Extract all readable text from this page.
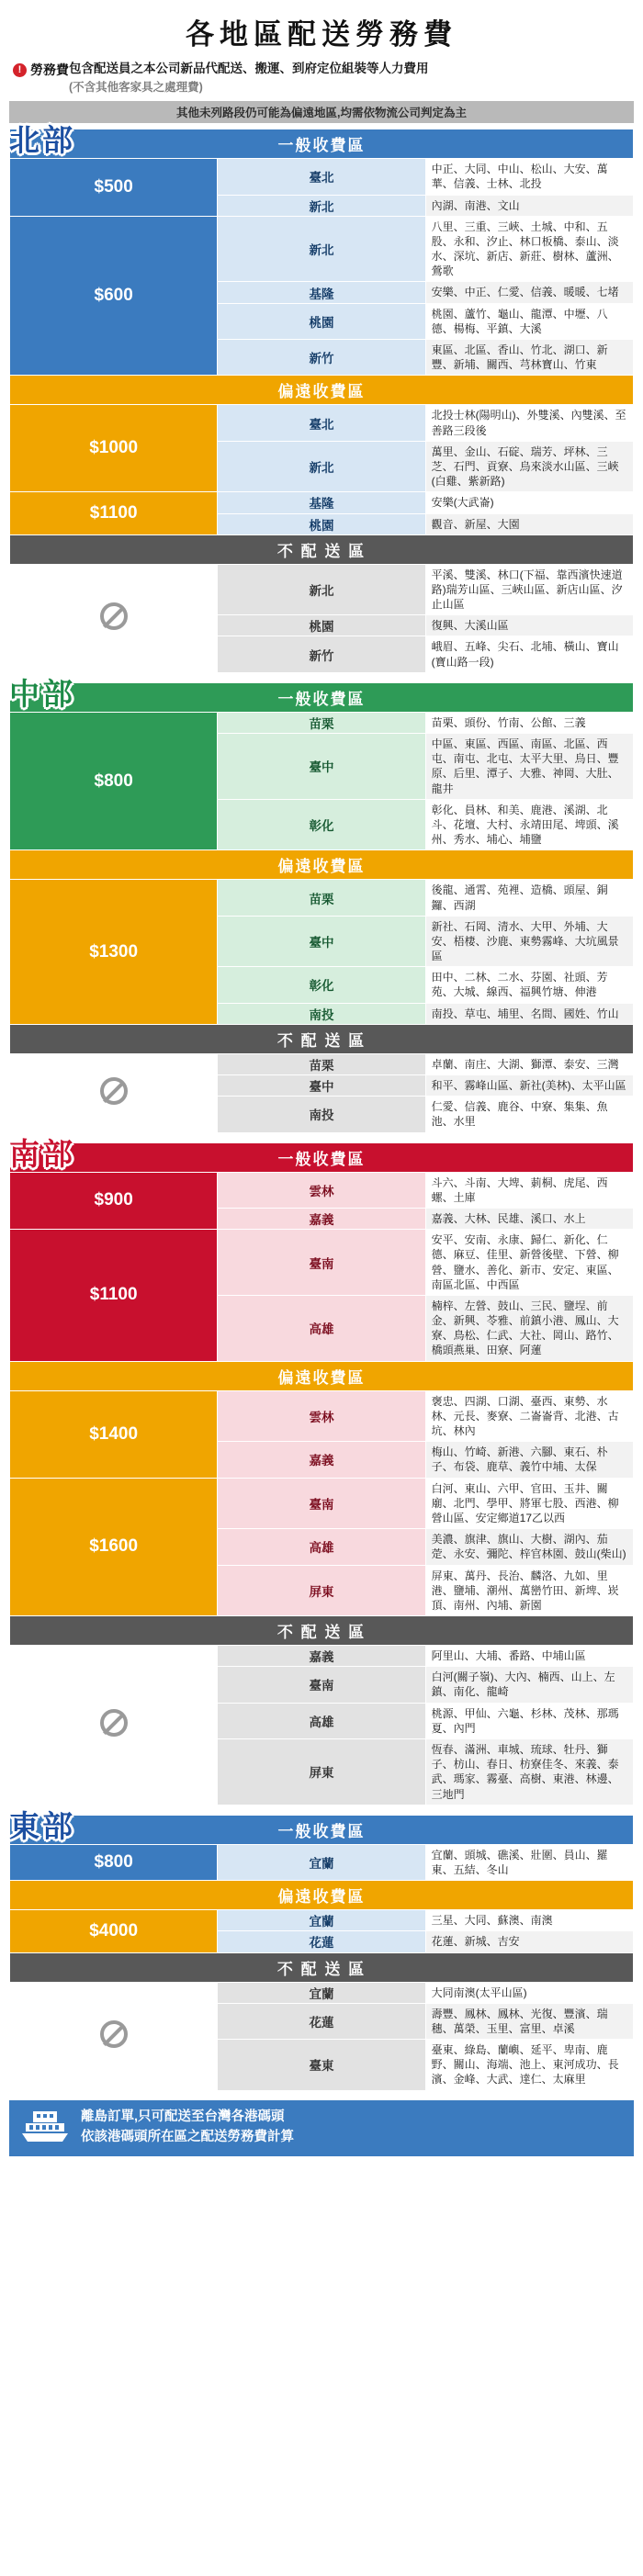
各地區配送勞務費
! 勞務費 包含配送員之本公司新品代配送、搬運、到府定位組裝等人力費用
(不含其他客家具之處理費)
其他未列路段仍可能為偏遠地區,均需依物流公司判定為主
北部	一般收費區		
$500	臺北	中正、大同、中山、松山、大安、萬華、信義、士林、北投
	新北	內湖、南港、文山
$600	新北	八里、三重、三峽、土城、中和、五股、永和、汐止、林口板橋、泰山、淡水、深坑、新店、新莊、樹林、蘆洲、鶯歌
	基隆	安樂、中正、仁愛、信義、暖暖、七堵
	桃園	桃園、蘆竹、龜山、龍潭、中壢、八德、楊梅、平鎮、大溪
	新竹	東區、北區、香山、竹北、湖口、新豐、新埔、關西、芎林寶山、竹東
偏遠收費區		
$1000	臺北	北投士林(陽明山)、外雙溪、內雙溪、至善路三段後
	新北	萬里、金山、石碇、瑞芳、坪林、三芝、石門、貢寮、烏來淡水山區、三峽(白雞、紫新路)
$1100	基隆	安樂(大武崙)
	桃園	觀音、新屋、大園
不 配 送 區		
	新北	平溪、雙溪、林口(下福、靠西濱快速道路)瑞芳山區、三峽山區、新店山區、汐止山區
	桃園	復興、大溪山區
	新竹	峨眉、五峰、尖石、北埔、橫山、寶山(寶山路一段)
中部	一般收費區		
$800	苗栗	苗栗、頭份、竹南、公館、三義
	臺中	中區、東區、西區、南區、北區、西屯、南屯、北屯、太平大里、烏日、豐原、后里、潭子、大雅、神岡、大肚、龍井
	彰化	彰化、員林、和美、鹿港、溪湖、北斗、花壇、大村、永靖田尾、埤頭、溪州、秀水、埔心、埔鹽
偏遠收費區		
$1300	苗栗	後龍、通霄、苑裡、造橋、頭屋、銅鑼、西湖
	臺中	新社、石岡、清水、大甲、外埔、大安、梧棲、沙鹿、東勢霧峰、大坑風景區
	彰化	田中、二林、二水、芬園、社頭、芳苑、大城、線西、福興竹塘、伸港
	南投	南投、草屯、埔里、名間、國姓、竹山
不 配 送 區		
	苗栗	卓蘭、南庄、大湖、獅潭、泰安、三灣
	臺中	和平、霧峰山區、新社(美林)、太平山區
	南投	仁愛、信義、鹿谷、中寮、集集、魚池、水里
南部	一般收費區		
$900	雲林	斗六、斗南、大埤、莿桐、虎尾、西螺、土庫
	嘉義	嘉義、大林、民雄、溪口、水上
$1100	臺南	安平、安南、永康、歸仁、新化、仁德、麻豆、佳里、新營後壁、下營、柳營、鹽水、善化、新市、安定、東區、南區北區、中西區
	高雄	楠梓、左營、鼓山、三民、鹽埕、前金、新興、苓雅、前鎮小港、鳳山、大寮、鳥松、仁武、大社、岡山、路竹、橋頭燕巢、田寮、阿蓮
偏遠收費區		
$1400	雲林	褒忠、四湖、口湖、臺西、東勢、水林、元長、麥寮、二崙崙背、北港、古坑、林內
	嘉義	梅山、竹崎、新港、六腳、東石、朴子、布袋、鹿草、義竹中埔、太保
$1600	臺南	白河、東山、六甲、官田、玉井、關廟、北門、學甲、將軍七股、西港、柳營山區、安定鄉道17乙以西
	高雄	美濃、旗津、旗山、大樹、湖內、茄萣、永安、彌陀、梓官林園、鼓山(柴山)
	屏東	屏東、萬丹、長治、麟洛、九如、里港、鹽埔、潮州、萬巒竹田、新埤、崁頂、南州、內埔、新園
不 配 送 區		
	嘉義	阿里山、大埔、番路、中埔山區
	臺南	白河(關子嶺)、大內、楠西、山上、左鎮、南化、龍崎
	高雄	桃源、甲仙、六龜、杉林、茂林、那瑪夏、內門
	屏東	恆春、滿洲、車城、琉球、牡丹、獅子、枋山、春日、枋寮佳冬、來義、泰武、瑪家、霧臺、高樹、東港、林邊、三地門
東部	一般收費區		
$800	宜蘭	宜蘭、頭城、礁溪、壯圍、員山、羅東、五結、冬山
偏遠收費區		
$4000	宜蘭	三星、大同、蘇澳、南澳
	花蓮	花蓮、新城、吉安
不 配 送 區		
	宜蘭	大同南澳(太平山區)
	花蓮	壽豐、鳳林、鳳林、光復、豐濱、瑞穗、萬榮、玉里、富里、卓溪
	臺東	臺東、綠島、蘭嶼、延平、卑南、鹿野、關山、海端、池上、東河成功、長濱、金峰、大武、達仁、太麻里
離島訂單,只可配送至台灣各港碼頭
依該港碼頭所在區之配送勞務費計算
